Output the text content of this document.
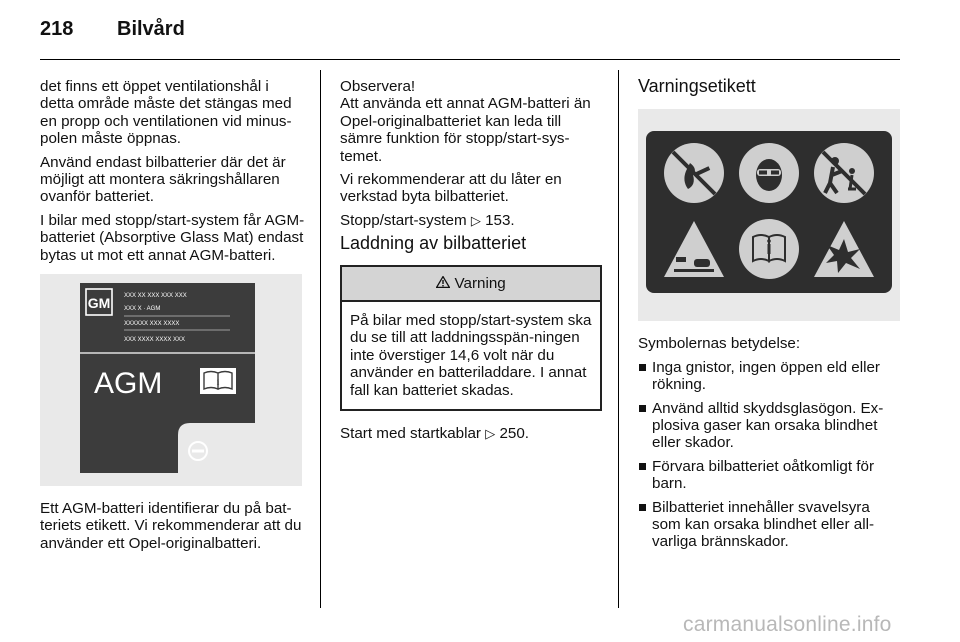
218 Bilvård

det finns ett öppet ventilationshål i detta område måste det stängas med en propp och ventilationen vid minus-polen måste öppnas.

Använd endast bilbatterier där det är möjligt att montera säkringshållaren ovanför batteriet.

I bilar med stopp/start-system får AGM-batteriet (Absorptive Glass Mat) endast bytas ut mot ett annat AGM-batteri.

GM XXX XX XXX XXX XXX
XXX X · AGM
XXXXXX XXX XXXX
XXX XXXX XXXX XXX
AGM	i

Ett AGM-batteri identifierar du på bat-teriets etikett. Vi rekommenderar att du använder ett Opel-originalbatteri.

Observera!

Att använda ett annat AGM-batteri än Opel-originalbatteriet kan leda till sämre funktion för stopp/start-sys-temet.

Vi rekommenderar att du låter en verkstad byta bilbatteriet.

Stopp/start-system ▷ 153.

Laddning av bilbatteriet
Varning
På bilar med stopp/start-system ska du se till att laddningsspän-ningen inte överstiger 14,6 volt när du använder en batteriladdare. I annat fall kan batteriet skadas.

Start med startkablar ▷ 250.

Varningsetikett

Symbolernas betydelse:

Inga gnistor, ingen öppen eld eller rökning.
Använd alltid skyddsglasögon. Ex-plosiva gaser kan orsaka blindhet eller skador.
Förvara bilbatteriet oåtkomligt för barn.
Bilbatteriet innehåller svavelsyra som kan orsaka blindhet eller all-varliga brännskador.
carmanualsonline.info
